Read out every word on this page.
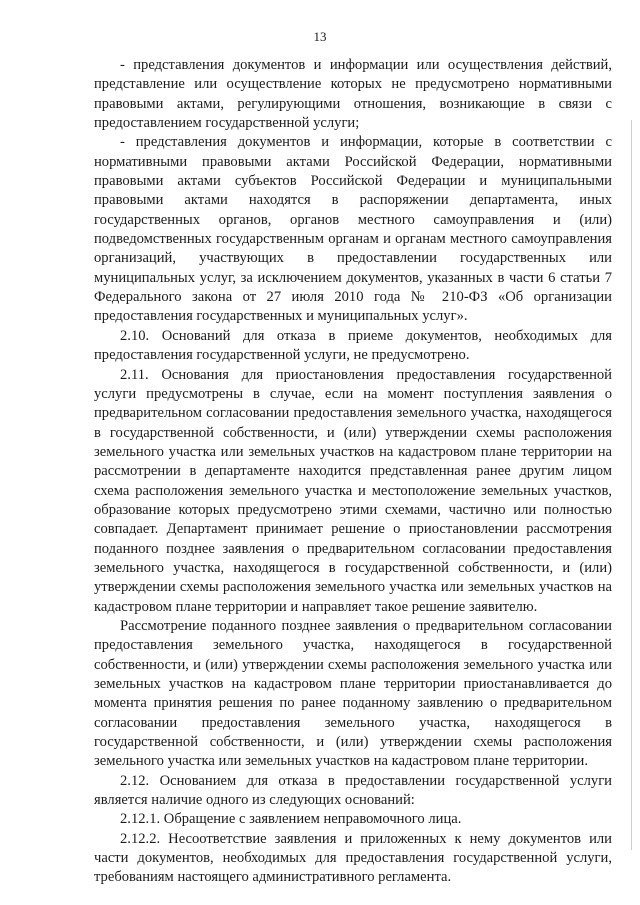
13

- представления документов и информации или осуществления действий, представление или осуществление которых не предусмотрено нормативными правовыми актами, регулирующими отношения, возникающие в связи с предоставлением государственной услуги;

- представления документов и информации, которые в соответствии с нормативными правовыми актами Российской Федерации, нормативными правовыми актами субъектов Российской Федерации и муниципальными правовыми актами находятся в распоряжении департамента, иных государственных органов, органов местного самоуправления и (или) подведомственных государственным органам и органам местного самоуправления организаций, участвующих в предоставлении государственных или муниципальных услуг, за исключением документов, указанных в части 6 статьи 7 Федерального закона от 27 июля 2010 года № 210-ФЗ «Об организации предоставления государственных и муниципальных услуг».

2.10. Оснований для отказа в приеме документов, необходимых для предоставления государственной услуги, не предусмотрено.

2.11. Основания для приостановления предоставления государственной услуги предусмотрены в случае, если на момент поступления заявления о предварительном согласовании предоставления земельного участка, находящегося в государственной собственности, и (или) утверждении схемы расположения земельного участка или земельных участков на кадастровом плане территории на рассмотрении в департаменте находится представленная ранее другим лицом схема расположения земельного участка и местоположение земельных участков, образование которых предусмотрено этими схемами, частично или полностью совпадает. Департамент принимает решение о приостановлении рассмотрения поданного позднее заявления о предварительном согласовании предоставления земельного участка, находящегося в государственной собственности, и (или) утверждении схемы расположения земельного участка или земельных участков на кадастровом плане территории и направляет такое решение заявителю.

Рассмотрение поданного позднее заявления о предварительном согласовании предоставления земельного участка, находящегося в государственной собственности, и (или) утверждении схемы расположения земельного участка или земельных участков на кадастровом плане территории приостанавливается до момента принятия решения по ранее поданному заявлению о предварительном согласовании предоставления земельного участка, находящегося в государственной собственности, и (или) утверждении схемы расположения земельного участка или земельных участков на кадастровом плане территории.

2.12. Основанием для отказа в предоставлении государственной услуги является наличие одного из следующих оснований:

2.12.1. Обращение с заявлением неправомочного лица.

2.12.2. Несоответствие заявления и приложенных к нему документов или части документов, необходимых для предоставления государственной услуги, требованиям настоящего административного регламента.
